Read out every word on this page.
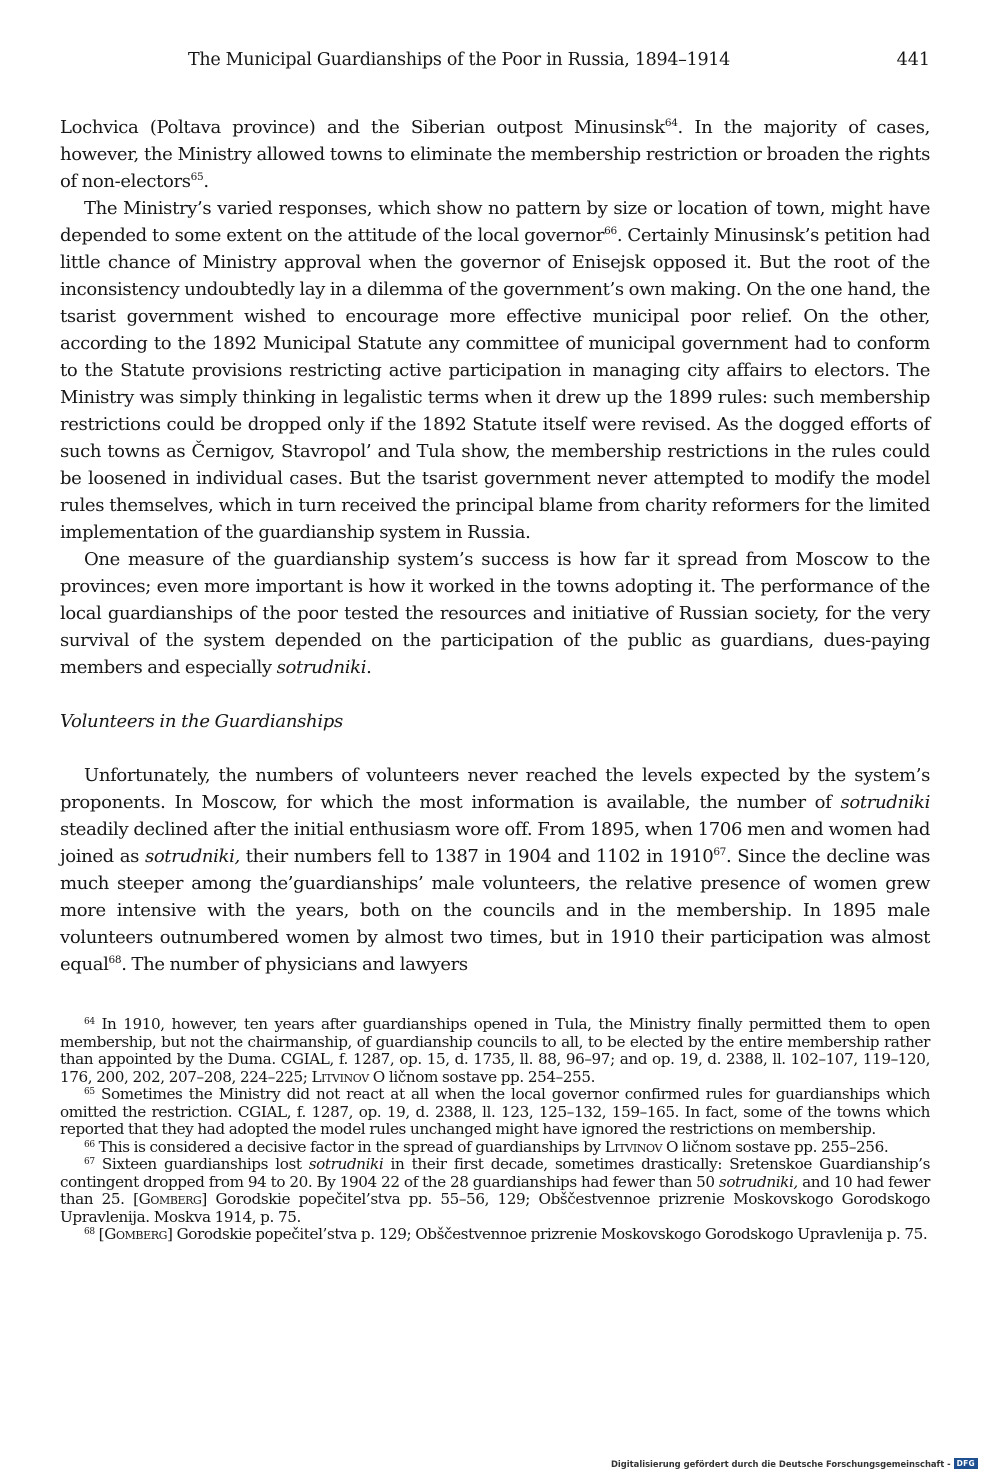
The Municipal Guardianships of the Poor in Russia, 1894–1914	441

Lochvica (Poltava province) and the Siberian outpost Minusinsk$^{64}$. In the majority of cases, however, the Ministry allowed towns to eliminate the membership restriction or broaden the rights of non-electors$^{65}$.

The Ministry’s varied responses, which show no pattern by size or location of town, might have depended to some extent on the attitude of the local governor$^{66}$. Certainly Minusinsk’s petition had little chance of Ministry approval when the governor of Enisejsk opposed it. But the root of the inconsistency undoubtedly lay in a dilemma of the government’s own making. On the one hand, the tsarist government wished to encourage more effective municipal poor relief. On the other, according to the 1892 Municipal Statute any committee of municipal government had to conform to the Statute provisions restricting active participation in managing city affairs to electors. The Ministry was simply thinking in legalistic terms when it drew up the 1899 rules: such membership restrictions could be dropped only if the 1892 Statute itself were revised. As the dogged efforts of such towns as Černigov, Stavropol’ and Tula show, the membership restrictions in the rules could be loosened in individual cases. But the tsarist government never attempted to modify the model rules themselves, which in turn received the principal blame from charity reformers for the limited implementation of the guardianship system in Russia.

One measure of the guardianship system’s success is how far it spread from Moscow to the provinces; even more important is how it worked in the towns adopting it. The performance of the local guardianships of the poor tested the resources and initiative of Russian society, for the very survival of the system depended on the participation of the public as guardians, dues-paying members and especially sotrudniki.

Volunteers in the Guardianships

Unfortunately, the numbers of volunteers never reached the levels expected by the system’s proponents. In Moscow, for which the most information is available, the number of sotrudniki steadily declined after the initial enthusiasm wore off. From 1895, when 1706 men and women had joined as sotrudniki, their numbers fell to 1387 in 1904 and 1102 in 1910$^{67}$. Since the decline was much steeper among the’guardianships’ male volunteers, the relative presence of women grew more intensive with the years, both on the councils and in the membership. In 1895 male volunteers outnumbered women by almost two times, but in 1910 their participation was almost equal$^{68}$. The number of physicians and lawyers

$^{64}$ In 1910, however, ten years after guardianships opened in Tula, the Ministry finally permitted them to open membership, but not the chairmanship, of guardianship councils to all, to be elected by the entire membership rather than appointed by the Duma. CGIAL, f. 1287, op. 15, d. 1735, ll. 88, 96–97; and op. 19, d. 2388, ll. 102–107, 119–120, 176, 200, 202, 207–208, 224–225; Litvinov O ličnom sostave pp. 254–255.

$^{65}$ Sometimes the Ministry did not react at all when the local governor confirmed rules for guardianships which omitted the restriction. CGIAL, f. 1287, op. 19, d. 2388, ll. 123, 125–132, 159–165. In fact, some of the towns which reported that they had adopted the model rules unchanged might have ignored the restrictions on membership.

$^{66}$ This is considered a decisive factor in the spread of guardianships by Litvinov O ličnom sostave pp. 255–256.

$^{67}$ Sixteen guardianships lost sotrudniki in their first decade, sometimes drastically: Sretenskoe Guardianship’s contingent dropped from 94 to 20. By 1904 22 of the 28 guardianships had fewer than 50 sotrudniki, and 10 had fewer than 25. [Gomberg] Gorodskie popečitel’stva pp. 55–56, 129; Obščestvennoe prizrenie Moskovskogo Gorodskogo Upravlenija. Moskva 1914, p. 75.

$^{68}$ [Gomberg] Gorodskie popečitel’stva p. 129; Obščestvennoe prizrenie Moskovskogo Gorodskogo Upravlenija p. 75.

Digitalisierung gefördert durch die Deutsche Forschungsgemeinschaft - DFG
